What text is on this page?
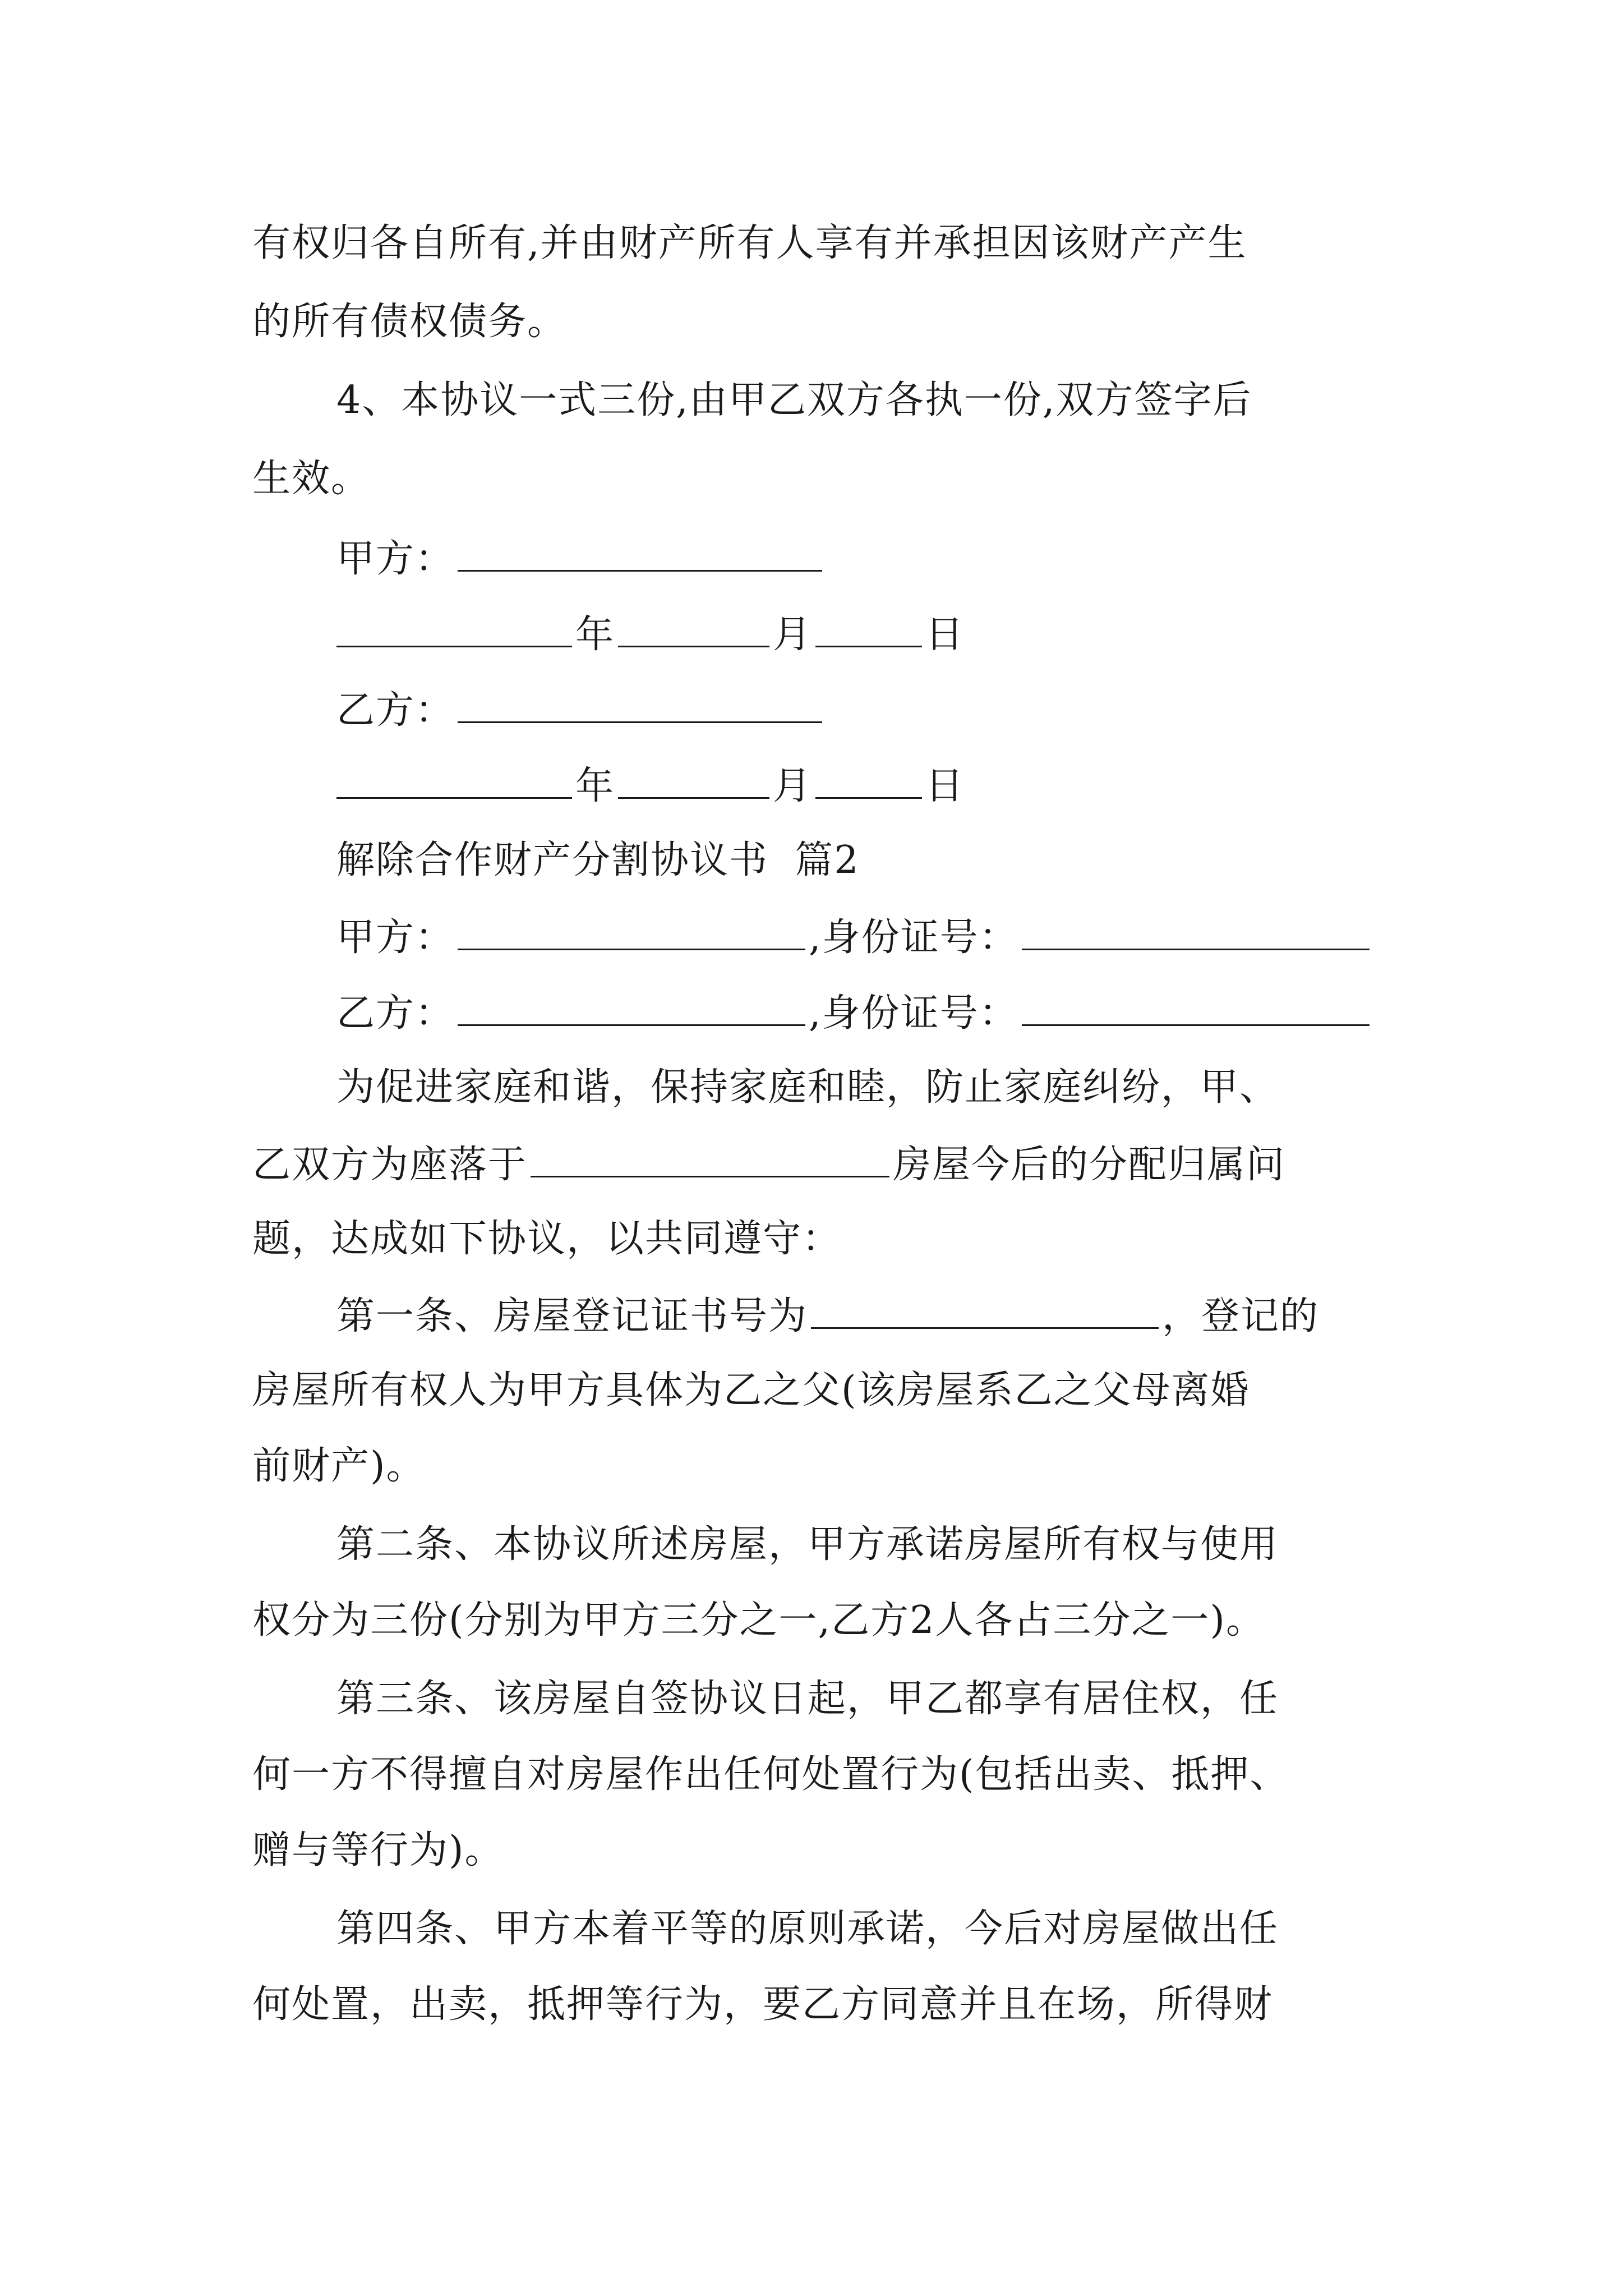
有权归各自所有,并由财产所有人享有并承担因该财产产生
的所有债权债务。
4、本协议一式三份,由甲乙双方各执一份,双方签字后
生效。
甲方：
年	月	日
乙方：
年	月	日
解除合作财产分割协议书  篇2
甲方：	,身份证号：
乙方：	,身份证号：
为促进家庭和谐，保持家庭和睦，防止家庭纠纷，甲、
乙双方为座落于	房屋今后的分配归属问
题，达成如下协议，以共同遵守：
第一条、房屋登记证书号为	，登记的
房屋所有权人为甲方具体为乙之父(该房屋系乙之父母离婚
前财产)。
第二条、本协议所述房屋，甲方承诺房屋所有权与使用
权分为三份(分别为甲方三分之一,乙方2人各占三分之一)。
第三条、该房屋自签协议日起，甲乙都享有居住权，任
何一方不得擅自对房屋作出任何处置行为(包括出卖、抵押、
赠与等行为)。
第四条、甲方本着平等的原则承诺，今后对房屋做出任
何处置，出卖，抵押等行为，要乙方同意并且在场，所得财
